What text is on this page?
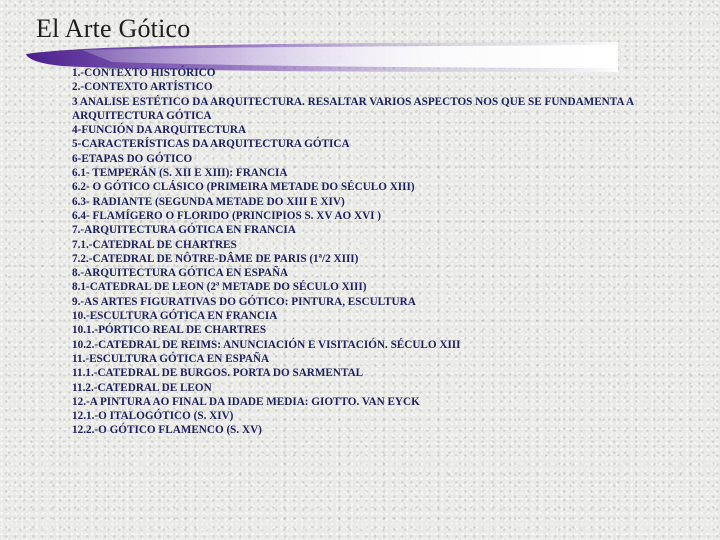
El Arte Gótico
1.-CONTEXTO HISTÓRICO
2.-CONTEXTO ARTÍSTICO
3 ANALISE ESTÉTICO DA ARQUITECTURA. RESALTAR VARIOS ASPECTOS NOS QUE SE FUNDAMENTA A ARQUITECTURA GÓTICA
4-FUNCIÓN DA ARQUITECTURA
5-CARACTERÍSTICAS DA ARQUITECTURA GÓTICA
6-ETAPAS DO GÓTICO
6.1- TEMPERÁN (S. XII E XIII): FRANCIA
6.2- O GÓTICO CLÁSICO (PRIMEIRA METADE DO SÉCULO XIII)
6.3- RADIANTE (SEGUNDA METADE DO XIII E XIV)
6.4- FLAMÍGERO O FLORIDO (PRINCIPIOS S. XV AO XVI )
7.-ARQUITECTURA GÓTICA EN FRANCIA
7.1.-CATEDRAL DE CHARTRES
7.2.-CATEDRAL DE NÔTRE-DÂME DE PARIS (1ª/2 XIII)
8.-ARQUITECTURA GÓTICA EN ESPAÑA
8.1-CATEDRAL DE LEON (2ª METADE DO SÉCULO XIII)
9.-AS ARTES FIGURATIVAS DO GÓTICO: PINTURA, ESCULTURA
10.-ESCULTURA GÓTICA EN FRANCIA
10.1.-PÓRTICO REAL DE CHARTRES
10.2.-CATEDRAL DE REIMS: ANUNCIACIÓN E VISITACIÓN. SÉCULO XIII
11.-ESCULTURA GÓTICA EN ESPAÑA
11.1.-CATEDRAL DE BURGOS. PORTA DO SARMENTAL
11.2.-CATEDRAL DE LEON
12.-A PINTURA AO FINAL DA IDADE MEDIA: GIOTTO. VAN EYCK
12.1.-O ITALOGÓTICO (S. XIV)
12.2.-O GÓTICO FLAMENCO (S. XV)
